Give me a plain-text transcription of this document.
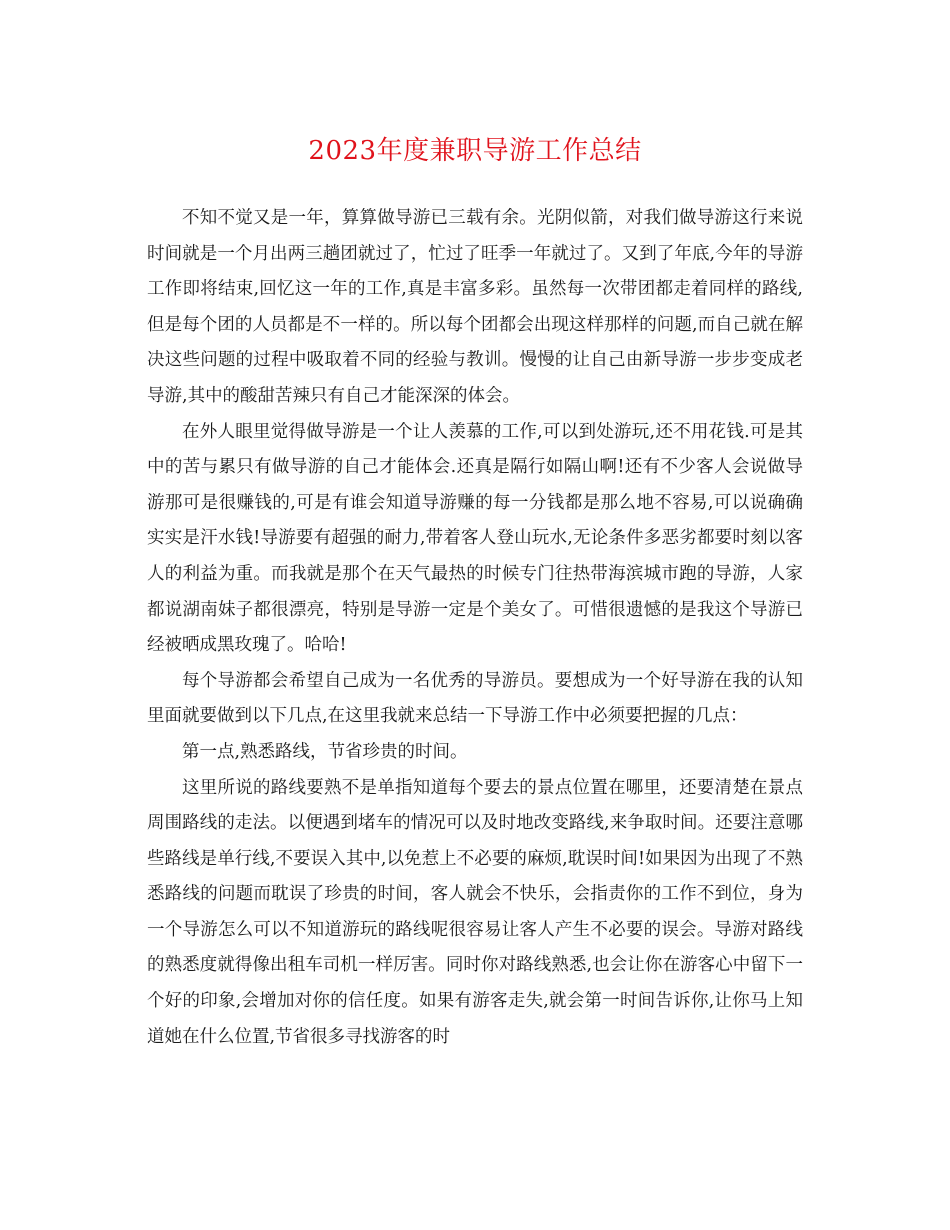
2023年度兼职导游工作总结

不知不觉又是一年，算算做导游已三载有余。光阴似箭，对我们做导游这行来说时间就是一个月出两三趟团就过了，忙过了旺季一年就过了。又到了年底,今年的导游工作即将结束,回忆这一年的工作,真是丰富多彩。虽然每一次带团都走着同样的路线,但是每个团的人员都是不一样的。所以每个团都会出现这样那样的问题,而自己就在解决这些问题的过程中吸取着不同的经验与教训。慢慢的让自己由新导游一步步变成老导游,其中的酸甜苦辣只有自己才能深深的体会。

在外人眼里觉得做导游是一个让人羡慕的工作,可以到处游玩,还不用花钱.可是其中的苦与累只有做导游的自己才能体会.还真是隔行如隔山啊!还有不少客人会说做导游那可是很赚钱的,可是有谁会知道导游赚的每一分钱都是那么地不容易,可以说确确实实是汗水钱!导游要有超强的耐力,带着客人登山玩水,无论条件多恶劣都要时刻以客人的利益为重。而我就是那个在天气最热的时候专门往热带海滨城市跑的导游，人家都说湖南妹子都很漂亮，特别是导游一定是个美女了。可惜很遗憾的是我这个导游已经被晒成黑玫瑰了。哈哈!

每个导游都会希望自己成为一名优秀的导游员。要想成为一个好导游在我的认知里面就要做到以下几点,在这里我就来总结一下导游工作中必须要把握的几点：

第一点,熟悉路线，节省珍贵的时间。

这里所说的路线要熟不是单指知道每个要去的景点位置在哪里，还要清楚在景点周围路线的走法。以便遇到堵车的情况可以及时地改变路线,来争取时间。还要注意哪些路线是单行线,不要误入其中,以免惹上不必要的麻烦,耽误时间!如果因为出现了不熟悉路线的问题而耽误了珍贵的时间，客人就会不快乐，会指责你的工作不到位，身为一个导游怎么可以不知道游玩的路线呢很容易让客人产生不必要的误会。导游对路线的熟悉度就得像出租车司机一样厉害。同时你对路线熟悉,也会让你在游客心中留下一个好的印象,会增加对你的信任度。如果有游客走失,就会第一时间告诉你,让你马上知道她在什么位置,节省很多寻找游客的时
